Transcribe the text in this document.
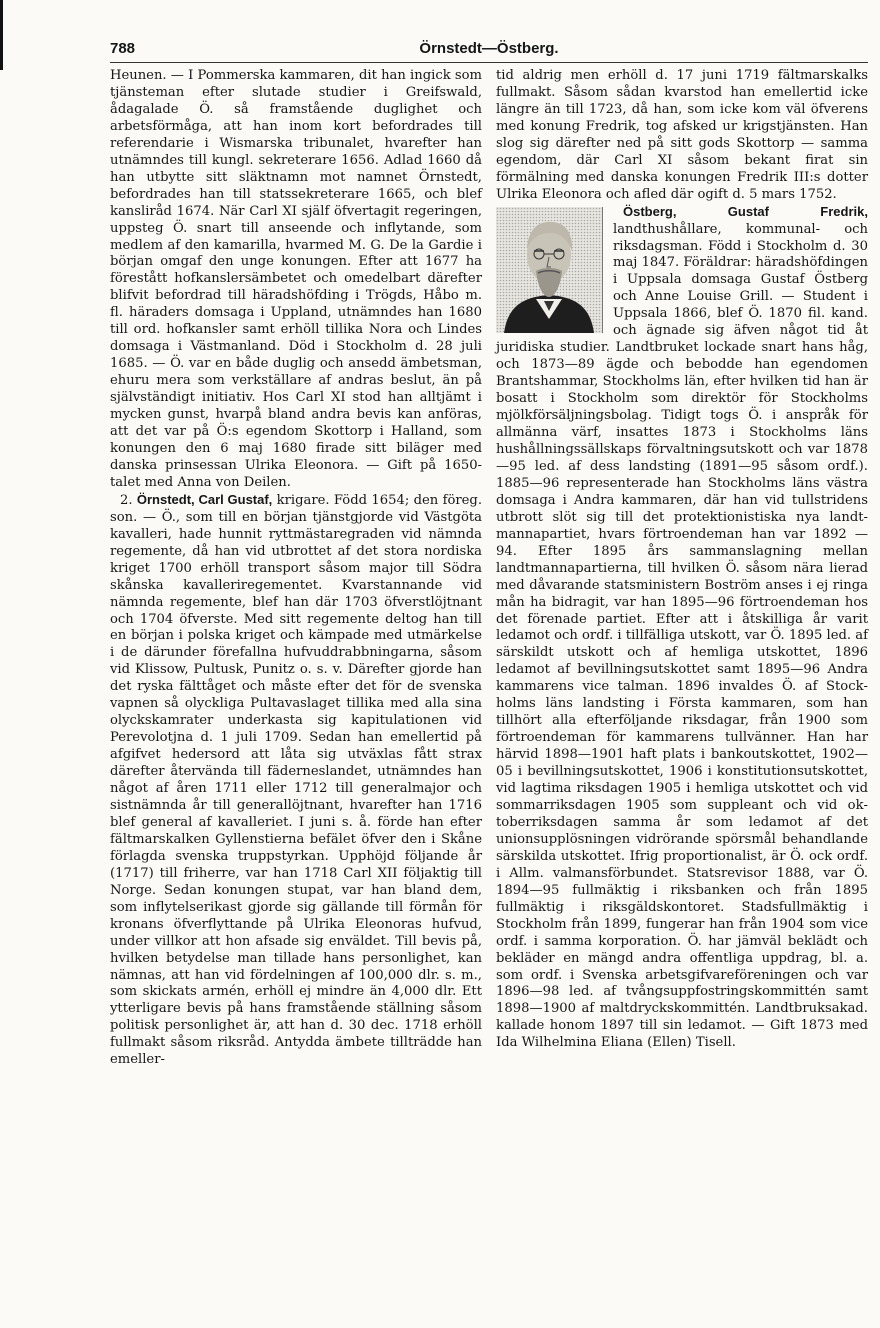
788	Örnstedt—Östberg.

Heunen. — I Pommerska kammaren, dit han ingick som tjänsteman efter slutade studier i Greifswald, ådagalade Ö. så framstående duglighet och arbetsförmåga, att han inom kort befordrades till referendarie i Wismarska tribunalet, hvarefter han utnämndes till kungl. sekreterare 1656. Adlad 1660 då han utbytte sitt släktnamn mot namnet Örnstedt, befordrades han till statssekreterare 1665, och blef kansliråd 1674. När Carl XI själf öfvertagit regeringen, uppsteg Ö. snart till anseende och inflytande, som medlem af den kamarilla, hvarmed M. G. De la Gardie i början omgaf den unge konungen. Efter att 1677 ha förestått hofkanslersämbetet och omedelbart därefter blifvit befordrad till häradshöfding i Trögds, Håbo m. fl. häraders domsaga i Uppland, utnämndes han 1680 till ord. hofkansler samt erhöll tillika Nora och Lindes domsaga i Västmanland. Död i Stockholm d. 28 juli 1685. — Ö. var en både duglig och ansedd ämbetsman, ehuru mera som verkställare af andras beslut, än på självständigt initiativ. Hos Carl XI stod han alltjämt i mycken gunst, hvarpå bland andra bevis kan anföras, att det var på Ö:s egendom Skottorp i Halland, som konungen den 6 maj 1680 firade sitt biläger med danska prinsessan Ulrika Eleonora. — Gift på 1650-talet med Anna von Deilen.

2. Örnstedt, Carl Gustaf, krigare. Född 1654; den föreg. son. — Ö., som till en början tjänstgjorde vid Västgöta kavalleri, hade hunnit ryttmästaregraden vid nämnda regemente, då han vid utbrottet af det stora nordiska kriget 1700 erhöll transport såsom major till Södra skånska kavalleriregementet. Kvarstannande vid nämnda regemente, blef han där 1703 öfverstlöjtnant och 1704 öfverste. Med sitt regemente deltog han till en början i polska kriget och kämpade med utmärkelse i de därunder förefallna hufvuddrabbningarna, såsom vid Klissow, Pultusk, Punitz o. s. v. Därefter gjorde han det ryska fälttåget och måste efter det för de svenska vapnen så olyckliga Pultavaslaget tillika med alla sina olyckskamrater underkasta sig kapitulationen vid Perevolotjna d. 1 juli 1709. Sedan han emellertid på afgifvet hedersord att låta sig utväxlas fått strax därefter återvända till fäderneslandet, utnämndes han något af åren 1711 eller 1712 till generalmajor och sistnämnda år till generallöjtnant, hvarefter han 1716 blef general af kavalleriet. I juni s. å. förde han efter fältmarskalken Gyllenstierna befälet öfver den i Skåne förlagda svenska truppstyrkan. Upphöjd följande år (1717) till friherre, var han 1718 Carl XII följaktig till Norge. Sedan konungen stupat, var han bland dem, som inflytelserikast gjorde sig gällande till förmån för kronans öfverflyttande på Ulrika Eleonoras hufvud, under villkor att hon afsade sig enväldet. Till bevis på, hvilken betydelse man tillade hans personlighet, kan nämnas, att han vid fördelningen af 100,000 dlr. s. m., som skickats armén, erhöll ej mindre än 4,000 dlr. Ett ytterligare bevis på hans framstående ställning såsom politisk personlighet är, att han d. 30 dec. 1718 erhöll fullmakt såsom riksråd. Antydda ämbete tillträdde han emeller-

tid aldrig men erhöll d. 17 juni 1719 fältmarskalks fullmakt. Såsom sådan kvarstod han emellertid icke längre än till 1723, då han, som icke kom väl öfverens med konung Fredrik, tog afsked ur krigstjänsten. Han slog sig därefter ned på sitt gods Skottorp — samma egendom, där Carl XI såsom bekant firat sin förmälning med danska konungen Fredrik III:s dotter Ulrika Eleonora och afled där ogift d. 5 mars 1752.

Östberg, Gustaf Fredrik,
landthushållare, kommunal- och riksdagsman. Född i Stockholm d. 30 maj 1847. Föräldrar: häradshöfdingen i Uppsala domsaga Gustaf Östberg och Anne Louise Grill. — Student i Uppsala 1866, blef Ö. 1870 fil. kand. och ägnade sig äfven något tid åt juridiska studier. Landtbruket lockade snart hans håg, och 1873—89 ägde och bebodde han egendomen Brantshammar, Stockholms län, efter hvilken tid han är bosatt i Stockholm som direktör för Stockholms mjölkförsäljningsbolag. Tidigt togs Ö. i anspråk för allmänna värf, insattes 1873 i Stockholms läns hushållningssällskaps förvaltningsutskott och var 1878—95 led. af dess landsting (1891—95 såsom ordf.). 1885—96 representerade han Stockholms läns västra domsaga i Andra kammaren, där han vid tullstridens utbrott slöt sig till det protektionistiska nya landtmannapartiet, hvars förtroendeman han var 1892 — 94. Efter 1895 års sammanslagning mellan landtmannapartierna, till hvilken Ö. såsom nära lierad med dåvarande statsministern Boström anses i ej ringa mån ha bidragit, var han 1895—96 förtroendeman hos det förenade partiet. Efter att i åtskilliga år varit ledamot och ordf. i tillfälliga utskott, var Ö. 1895 led. af särskildt utskott och af hemliga utskottet, 1896 ledamot af bevillningsutskottet samt 1895—96 Andra kammarens vice talman. 1896 invaldes Ö. af Stockholms läns landsting i Första kammaren, som han tillhört alla efterföljande riksdagar, från 1900 som förtroendeman för kammarens tullvänner. Han har härvid 1898—1901 haft plats i bankoutskottet, 1902—05 i bevillningsutskottet, 1906 i konstitutionsutskottet, vid lagtima riksdagen 1905 i hemliga utskottet och vid sommarriksdagen 1905 som suppleant och vid oktoberriksdagen samma år som ledamot af det unionsupplösningen vidrörande spörsmål behandlande särskilda utskottet. Ifrig proportionalist, är Ö. ock ordf. i Allm. valmansförbundet. Statsrevisor 1888, var Ö. 1894—95 fullmäktig i riksbanken och från 1895 fullmäktig i riksgäldskontoret. Stadsfullmäktig i Stockholm från 1899, fungerar han från 1904 som vice ordf. i samma korporation. Ö. har jämväl beklädt och bekläder en mängd andra offentliga uppdrag, bl. a. som ordf. i Svenska arbetsgifvareföreningen och var 1896—98 led. af tvångsuppfostringskommittén samt 1898—1900 af maltdryckskommittén. Landtbruksakad. kallade honom 1897 till sin ledamot. — Gift 1873 med Ida Wilhelmina Eliana (Ellen) Tisell.
